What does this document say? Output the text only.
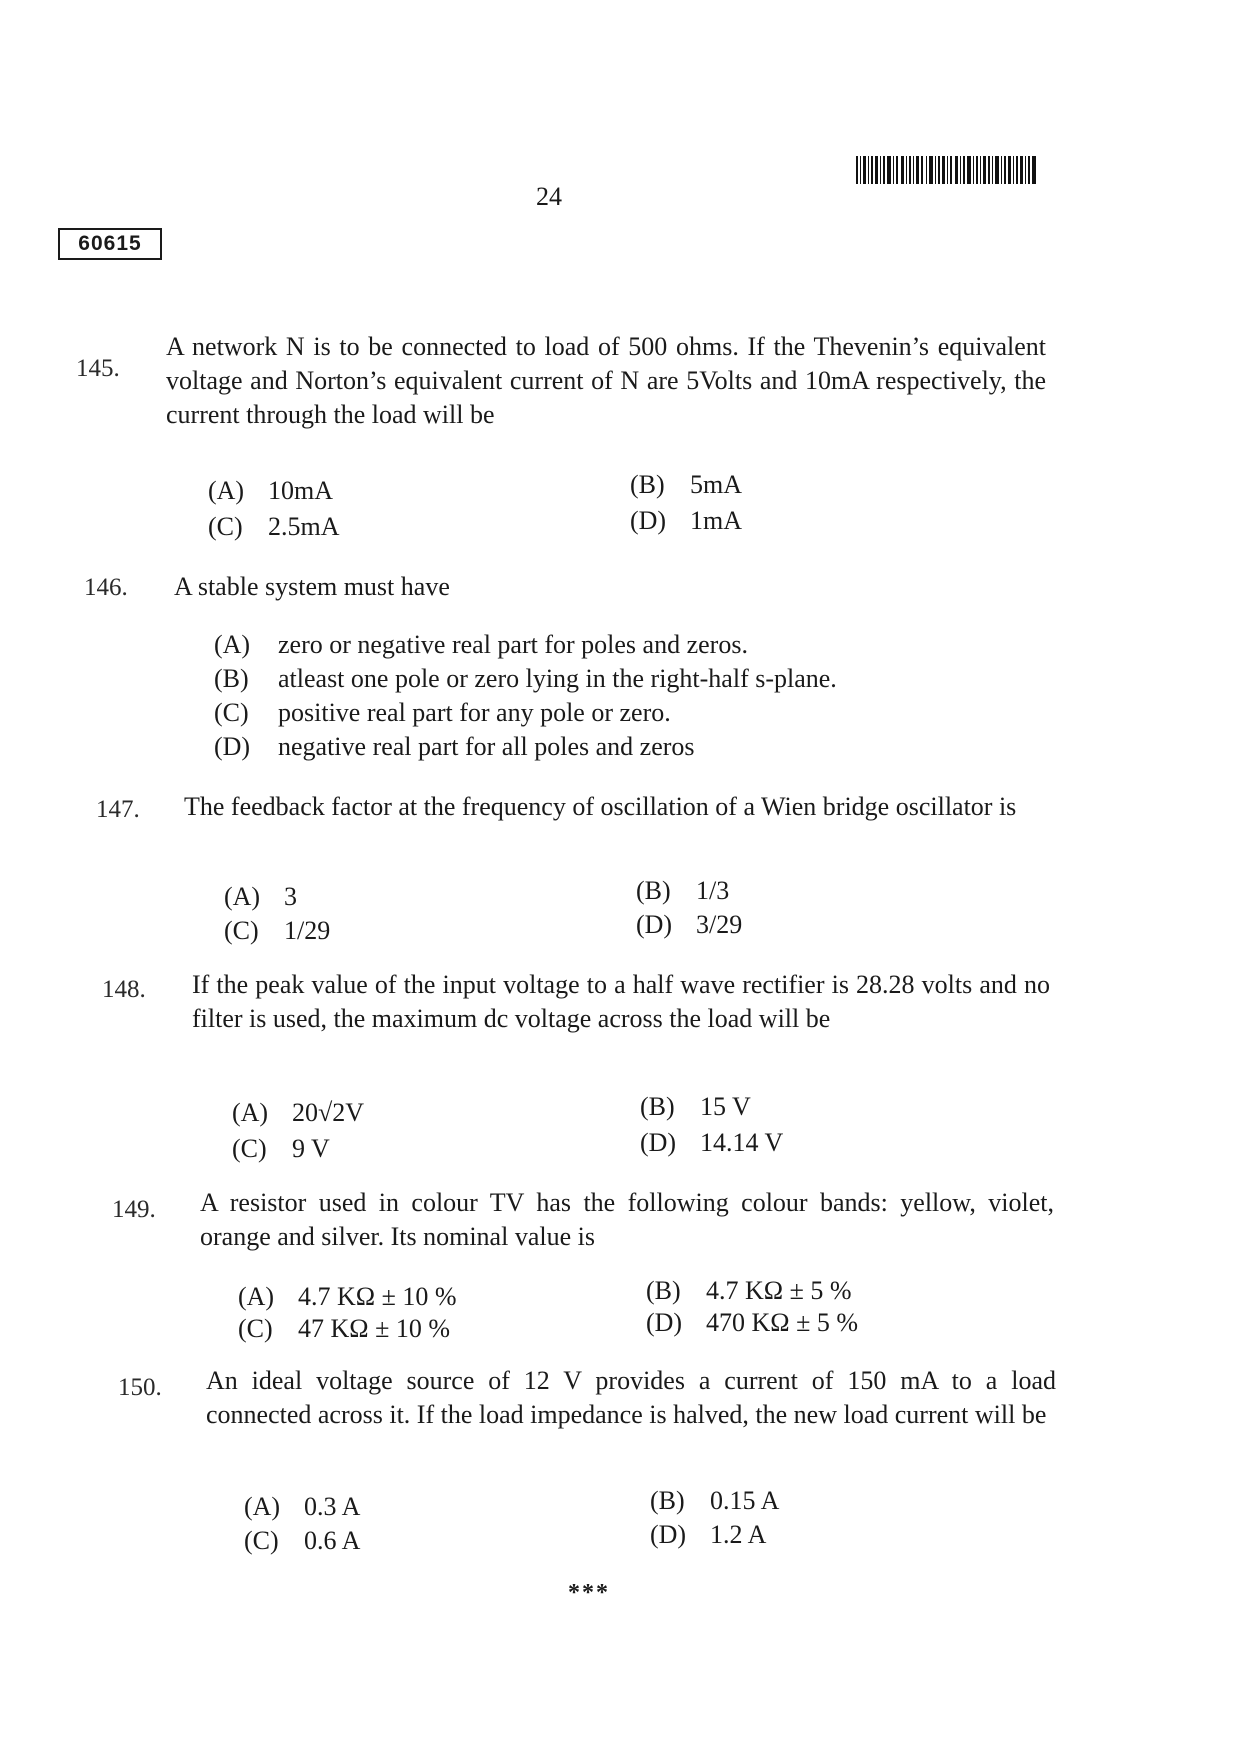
24
60615
145.
A network N is to be connected to load of 500 ohms. If the Thevenin’s equivalent voltage and Norton’s equivalent current of N are 5Volts and 10mA respectively, the current through the load will be
(A) 10mA	(B) 5mA
(C) 2.5mA	(D) 1mA
146. A stable system must have
(A) zero or negative real part for poles and zeros.
(B) atleast one pole or zero lying in the right-half s-plane.
(C) positive real part for any pole or zero.
(D) negative real part for all poles and zeros
147. The feedback factor at the frequency of oscillation of a Wien bridge oscillator is
(A) 3	(B) 1/3
(C) 1/29	(D) 3/29
148. If the peak value of the input voltage to a half wave rectifier is 28.28 volts and no filter is used, the maximum dc voltage across the load will be
(A) 20√2V	(B) 15 V
(C) 9 V	(D) 14.14 V
149. A resistor used in colour TV has the following colour bands: yellow, violet, orange and silver. Its nominal value is
(A) 4.7 KΩ ± 10 %	(B) 4.7 KΩ ± 5 %
(C) 47 KΩ ± 10 %	(D) 470 KΩ ± 5 %
150. An ideal voltage source of 12 V provides a current of 150 mA to a load connected across it. If the load impedance is halved, the new load current will be
(A) 0.3 A	(B) 0.15 A
(C) 0.6 A	(D) 1.2 A
***
